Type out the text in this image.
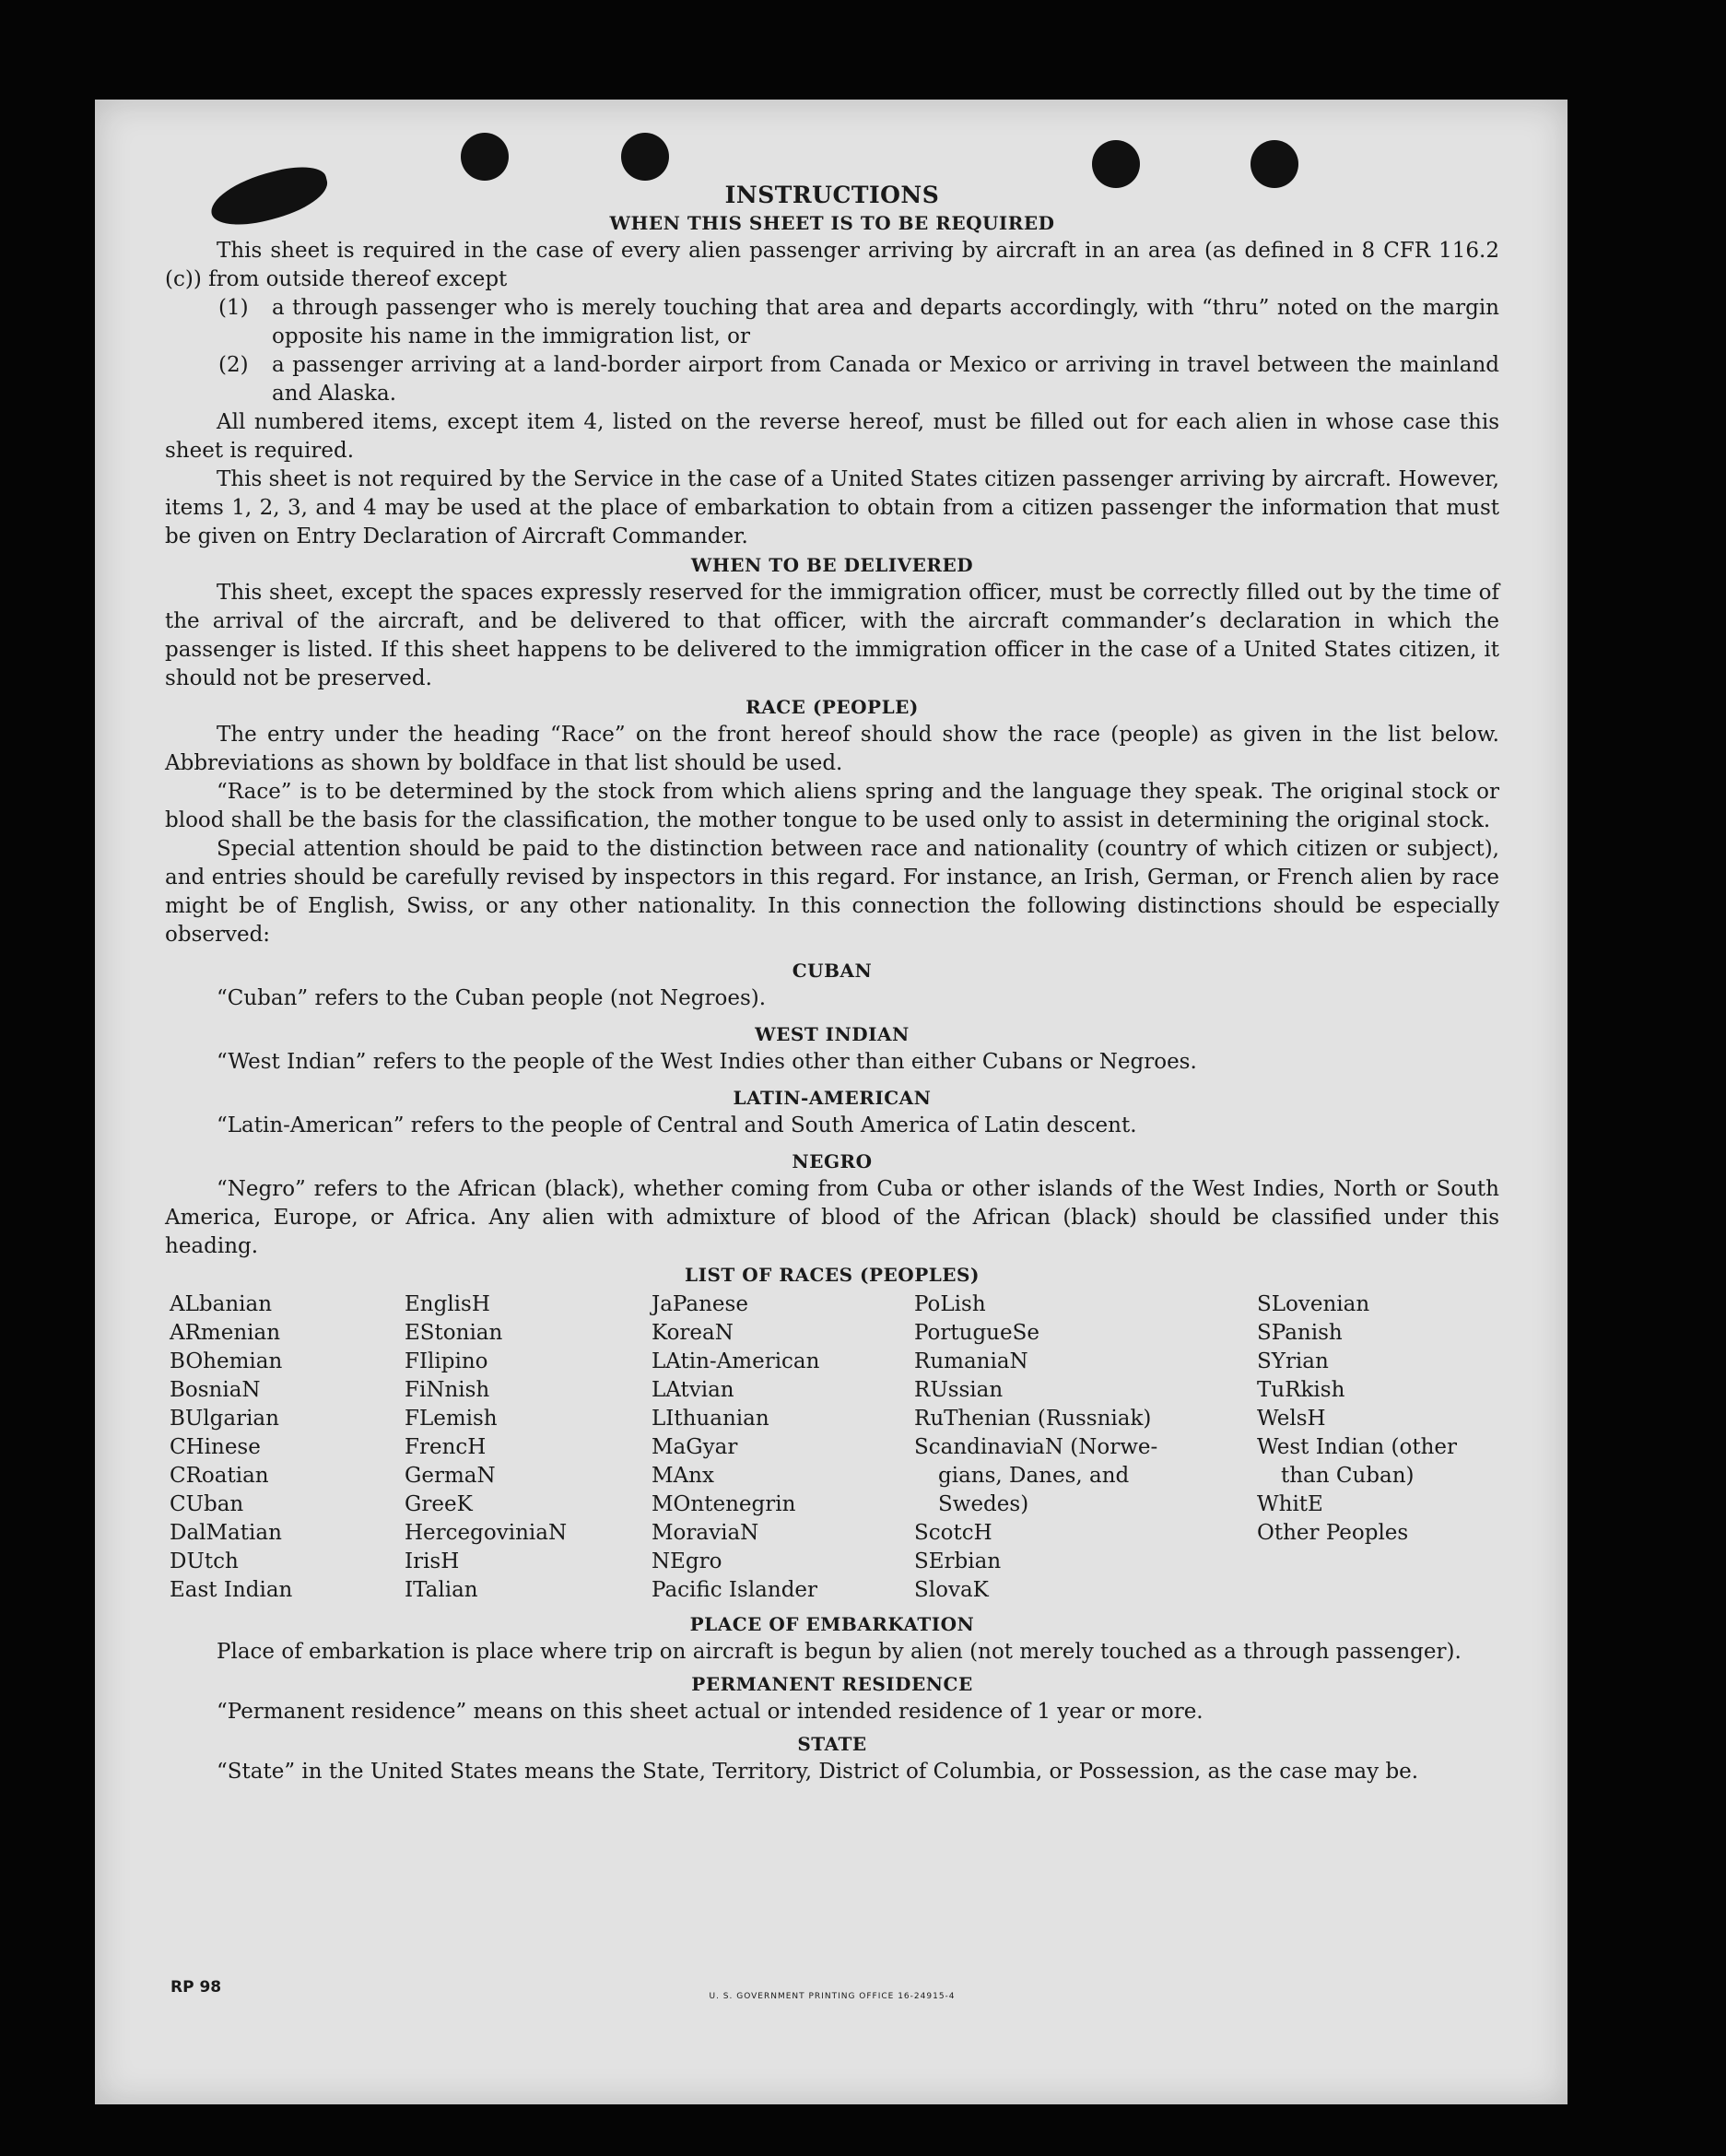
INSTRUCTIONS

WHEN THIS SHEET IS TO BE REQUIRED

This sheet is required in the case of every alien passenger arriving by aircraft in an area (as defined in 8 CFR 116.2 (c)) from outside thereof except

(1)	a through passenger who is merely touching that area and departs accordingly, with “thru” noted on the margin opposite his name in the immigration list, or
(2)	a passenger arriving at a land-border airport from Canada or Mexico or arriving in travel between the mainland and Alaska.

All numbered items, except item 4, listed on the reverse hereof, must be filled out for each alien in whose case this sheet is required.

This sheet is not required by the Service in the case of a United States citizen passenger arriving by aircraft. However, items 1, 2, 3, and 4 may be used at the place of embarkation to obtain from a citizen passenger the information that must be given on Entry Declaration of Aircraft Commander.

WHEN TO BE DELIVERED

This sheet, except the spaces expressly reserved for the immigration officer, must be correctly filled out by the time of the arrival of the aircraft, and be delivered to that officer, with the aircraft commander’s declaration in which the passenger is listed. If this sheet happens to be delivered to the immigration officer in the case of a United States citizen, it should not be preserved.

RACE (PEOPLE)

The entry under the heading “Race” on the front hereof should show the race (people) as given in the list below. Abbreviations as shown by boldface in that list should be used.

“Race” is to be determined by the stock from which aliens spring and the language they speak. The original stock or blood shall be the basis for the classification, the mother tongue to be used only to assist in determining the original stock.

Special attention should be paid to the distinction between race and nationality (country of which citizen or subject), and entries should be carefully revised by inspectors in this regard. For instance, an Irish, German, or French alien by race might be of English, Swiss, or any other nationality. In this connection the following distinctions should be especially observed:

CUBAN

“Cuban” refers to the Cuban people (not Negroes).

WEST INDIAN

“West Indian” refers to the people of the West Indies other than either Cubans or Negroes.

LATIN-AMERICAN

“Latin-American” refers to the people of Central and South America of Latin descent.

NEGRO

“Negro” refers to the African (black), whether coming from Cuba or other islands of the West Indies, North or South America, Europe, or Africa. Any alien with admixture of blood of the African (black) should be classified under this heading.

LIST OF RACES (PEOPLES)

ALbanian
ARmenian
BOhemian
BosniaN
BUlgarian
CHinese
CRoatian
CUban
DalMatian
DUtch
East Indian
EnglisH
EStonian
FIlipino
FiNnish
FLemish
FrencH
GermaN
GreeK
HercegoviniaN
IrisH
ITalian
JaPanese
KoreaN
LAtin-American
LAtvian
LIthuanian
MaGyar
MAnx
MOntenegrin
MoraviaN
NEgro
Pacific Islander
PoLish
PortugueSe
RumaniaN
RUssian
RuThenian (Russniak)
ScandinaviaN (Norwe-
gians, Danes, and
Swedes)
ScotcH
SErbian
SlovaK
SLovenian
SPanish
SYrian
TuRkish
WelsH
West Indian (other
than Cuban)
WhitE
Other Peoples

PLACE OF EMBARKATION

Place of embarkation is place where trip on aircraft is begun by alien (not merely touched as a through passenger).

PERMANENT RESIDENCE

“Permanent residence” means on this sheet actual or intended residence of 1 year or more.

STATE

“State” in the United States means the State, Territory, District of Columbia, or Possession, as the case may be.

RP 98	U. S. GOVERNMENT PRINTING OFFICE 16-24915-4
